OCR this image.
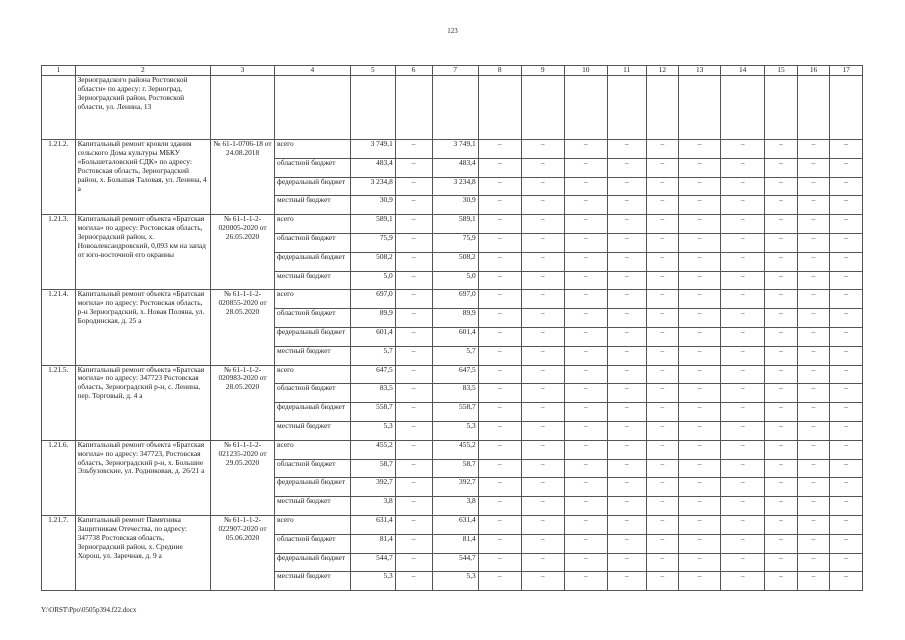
123
1	2	3	4	5	6	7	8	9	10	11	12	13	14	15	16	17
	Зерноградского района Ростовской области» по адресу: г. Зерноград, Зерноградский район, Ростовской области, ул. Ленина, 13															
1.21.2.	Капитальный ремонт кровли здания сельского Дома культуры МБКУ «Большеталовский СДК» по адресу: Ростовская область, Зерноградский район, х. Большая Таловая, ул. Ленина, 4 а	№ 61-1-0706-18 от 24.08.2018	всего	3 749,1	–	3 749,1	–	–	–	–	–	–	–	–	–	–
			областной бюджет	483,4	–	483,4	–	–	–	–	–	–	–	–	–	–
			федеральный бюджет	3 234,8	–	3 234,8	–	–	–	–	–	–	–	–	–	–
			местный бюджет	30,9	–	30,9	–	–	–	–	–	–	–	–	–	–
1.21.3.	Капитальный ремонт объекта «Братская могила» по адресу: Ростовская область, Зерноградский район, х. Новоалександровский, 0,093 км на запад от юго-восточной его окраины	№ 61-1-1-2-020005-2020 от 26.05.2020	всего	589,1	–	589,1	–	–	–	–	–	–	–	–	–	–
			областной бюджет	75,9	–	75,9	–	–	–	–	–	–	–	–	–	–
			федеральный бюджет	508,2	–	508,2	–	–	–	–	–	–	–	–	–	–
			местный бюджет	5,0	–	5,0	–	–	–	–	–	–	–	–	–	–
1.21.4.	Капитальный ремонт объекта «Братская могила» по адресу: Ростовская область, р-н Зерноградский, х. Новая Поляна, ул. Бородинская, д. 25 а	№ 61-1-1-2-020855-2020 от 28.05.2020	всего	697,0	–	697,0	–	–	–	–	–	–	–	–	–	–
			областной бюджет	89,9	–	89,9	–	–	–	–	–	–	–	–	–	–
			федеральный бюджет	601,4	–	601,4	–	–	–	–	–	–	–	–	–	–
			местный бюджет	5,7	–	5,7	–	–	–	–	–	–	–	–	–	–
1.21.5.	Капитальный ремонт объекта «Братская могила» по адресу: 347723 Ростовская область, Зерноградский р-н, с. Ленина, пер. Торговый, д. 4 а	№ 61-1-1-2-020983-2020 от 28.05.2020	всего	647,5	–	647,5	–	–	–	–	–	–	–	–	–	–
			областной бюджет	83,5	–	83,5	–	–	–	–	–	–	–	–	–	–
			федеральный бюджет	558,7	–	558,7	–	–	–	–	–	–	–	–	–	–
			местный бюджет	5,3	–	5,3	–	–	–	–	–	–	–	–	–	–
1.21.6.	Капитальный ремонт объекта «Братская могила» по адресу: 347723, Ростовская область, Зерноградский р-н, х. Большие Эльбузовские, ул. Родниковая, д. 26/21 а	№ 61-1-1-2-021235-2020 от 29.05.2020	всего	455,2	–	455,2	–	–	–	–	–	–	–	–	–	–
			областной бюджет	58,7	–	58,7	–	–	–	–	–	–	–	–	–	–
			федеральный бюджет	392,7	–	392,7	–	–	–	–	–	–	–	–	–	–
			местный бюджет	3,8	–	3,8	–	–	–	–	–	–	–	–	–	–
1.21.7.	Капитальный ремонт Памятника Защитникам Отечества, по адресу: 347738 Ростовская область, Зерноградский район, х. Средние Хорош, ул. Заречная, д. 9 а	№ 61-1-1-2-022907-2020 от 05.06.2020	всего	631,4	–	631,4	–	–	–	–	–	–	–	–	–	–
			областной бюджет	81,4	–	81,4	–	–	–	–	–	–	–	–	–	–
			федеральный бюджет	544,7	–	544,7	–	–	–	–	–	–	–	–	–	–
			местный бюджет	5,3	–	5,3	–	–	–	–	–	–	–	–	–	–
Y:\ORST\Ppo\0505p394.f22.docx
